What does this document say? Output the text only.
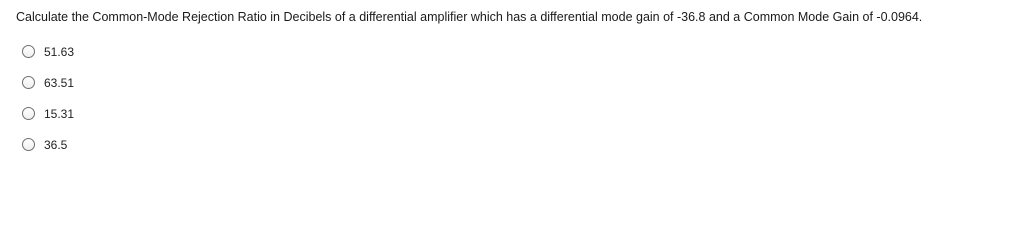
Calculate the Common-Mode Rejection Ratio in Decibels of a differential amplifier which has a differential mode gain of -36.8 and a Common Mode Gain of -0.0964.
51.63
63.51
15.31
36.5
